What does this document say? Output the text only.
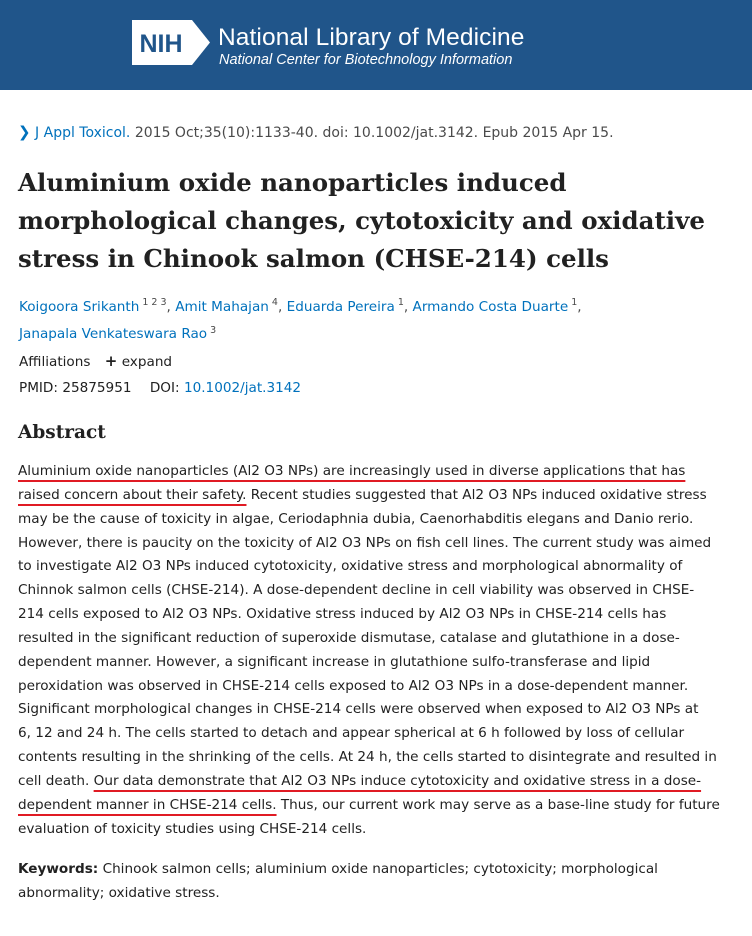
NIH National Library of Medicine
National Center for Biotechnology Information
❯ J Appl Toxicol. 2015 Oct;35(10):1133-40. doi: 10.1002/jat.3142. Epub 2015 Apr 15.
Aluminium oxide nanoparticles induced
morphological changes, cytotoxicity and oxidative
stress in Chinook salmon (CHSE-214) cells
Koigoora Srikanth $^{1 2 3}$, Amit Mahajan $^4$, Eduarda Pereira $^1$, Armando Costa Duarte $^1$,
Janapala Venkateswara Rao $^3$
Affiliations + expand
PMID: 25875951 DOI: 10.1002/jat.3142
Abstract
Aluminium oxide nanoparticles (Al2 O3 NPs) are increasingly used in diverse applications that has
raised concern about their safety. Recent studies suggested that Al2 O3 NPs induced oxidative stress
may be the cause of toxicity in algae, Ceriodaphnia dubia, Caenorhabditis elegans and Danio rerio.
However, there is paucity on the toxicity of Al2 O3 NPs on fish cell lines. The current study was aimed
to investigate Al2 O3 NPs induced cytotoxicity, oxidative stress and morphological abnormality of
Chinnok salmon cells (CHSE-214). A dose-dependent decline in cell viability was observed in CHSE-
214 cells exposed to Al2 O3 NPs. Oxidative stress induced by Al2 O3 NPs in CHSE-214 cells has
resulted in the significant reduction of superoxide dismutase, catalase and glutathione in a dose-
dependent manner. However, a significant increase in glutathione sulfo-transferase and lipid
peroxidation was observed in CHSE-214 cells exposed to Al2 O3 NPs in a dose-dependent manner.
Significant morphological changes in CHSE-214 cells were observed when exposed to Al2 O3 NPs at
6, 12 and 24 h. The cells started to detach and appear spherical at 6 h followed by loss of cellular
contents resulting in the shrinking of the cells. At 24 h, the cells started to disintegrate and resulted in
cell death. Our data demonstrate that Al2 O3 NPs induce cytotoxicity and oxidative stress in a dose-
dependent manner in CHSE-214 cells. Thus, our current work may serve as a base-line study for future
evaluation of toxicity studies using CHSE-214 cells.
Keywords: Chinook salmon cells; aluminium oxide nanoparticles; cytotoxicity; morphological
abnormality; oxidative stress.
